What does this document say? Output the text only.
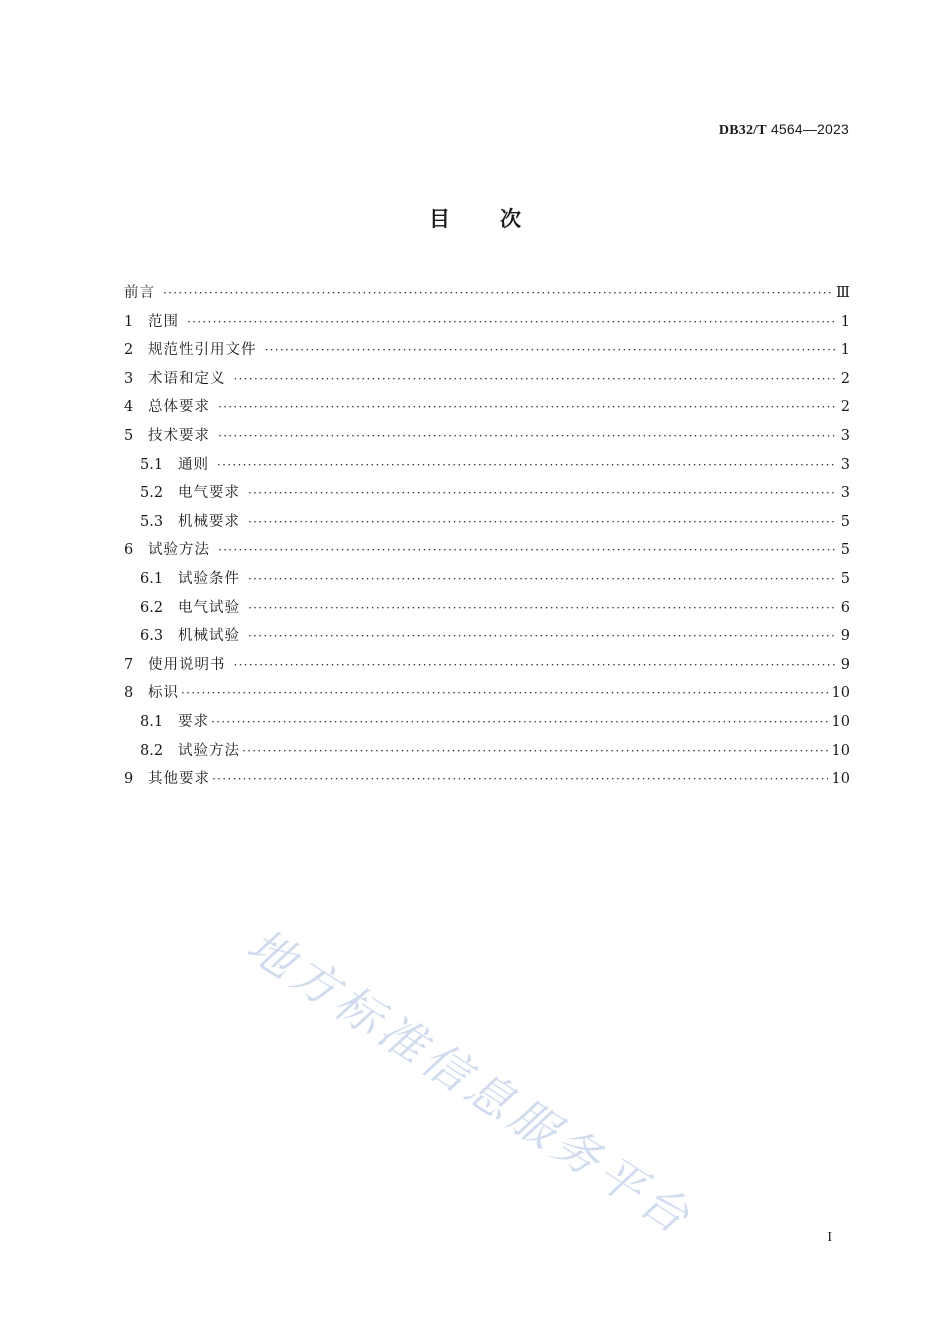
DB32/T 4564—2023
目 次
前言 ·····	Ⅲ
1	范围 ·····	1
2	规范性引用文件 ·····	1
3	术语和定义 ·····	2
4	总体要求 ·····	2
5	技术要求 ·····	3
5.1	通则 ·····	3
5.2	电气要求 ·····	3
5.3	机械要求 ·····	5
6	试验方法 ·····	5
6.1	试验条件 ·····	5
6.2	电气试验 ·····	6
6.3	机械试验 ·····	9
7	使用说明书 ·····	9
8	标识 ·····	10
8.1	要求 ·····	10
8.2	试验方法 ·····	10
9	其他要求 ·····	10
地方标准信息服务平台	I
